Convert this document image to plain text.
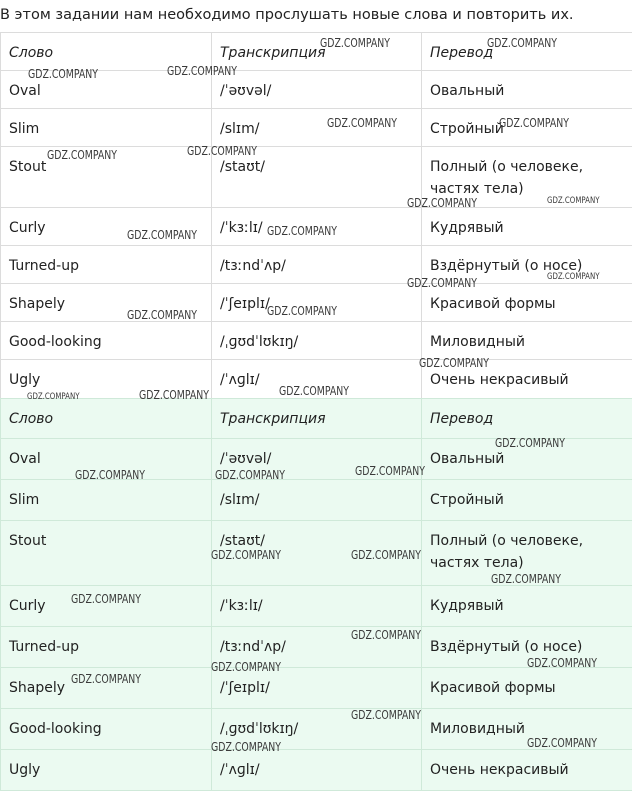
В этом задании нам необходимо прослушать новые слова и повторить их.
Слово	Транскрипция	Перевод
Oval	/ˈəʊvəl/	Овальный
Slim	/slɪm/	Стройный
Stout	/staʊt/	Полный (о человеке, частях тела)
Curly	/ˈkɜːlɪ/	Кудрявый
Turned-up	/tɜːndˈʌp/	Вздёрнутый (о носе)
Shapely	/ˈʃeɪplɪ/	Красивой формы
Good-looking	/ˌɡʊdˈlʊkɪŋ/	Миловидный
Ugly	/ˈʌɡlɪ/	Очень некрасивый
Слово	Транскрипция	Перевод
Oval	/ˈəʊvəl/	Овальный
Slim	/slɪm/	Стройный
Stout	/staʊt/	Полный (о человеке, частях тела)
Curly	/ˈkɜːlɪ/	Кудрявый
Turned-up	/tɜːndˈʌp/	Вздёрнутый (о носе)
Shapely	/ˈʃeɪplɪ/	Красивой формы
Good-looking	/ˌɡʊdˈlʊkɪŋ/	Миловидный
Ugly	/ˈʌɡlɪ/	Очень некрасивый
GDZ.COMPANY	GDZ.COMPANY
GDZ.COMPANY	GDZ.COMPANY
GDZ.COMPANY	GDZ.COMPANY
GDZ.COMPANY	GDZ.COMPANY
GDZ.COMPANY	GDZ.COMPANY
GDZ.COMPANY	GDZ.COMPANY
GDZ.COMPANY	GDZ.COMPANY
GDZ.COMPANY	GDZ.COMPANY
GDZ.COMPANY
GDZ.COMPANY	GDZ.COMPANY	GDZ.COMPANY
GDZ.COMPANY
GDZ.COMPANY	GDZ.COMPANY	GDZ.COMPANY
GDZ.COMPANY	GDZ.COMPANY
GDZ.COMPANY
GDZ.COMPANY
GDZ.COMPANY
GDZ.COMPANY
GDZ.COMPANY
GDZ.COMPANY
GDZ.COMPANY
GDZ.COMPANY
GDZ.COMPANY
